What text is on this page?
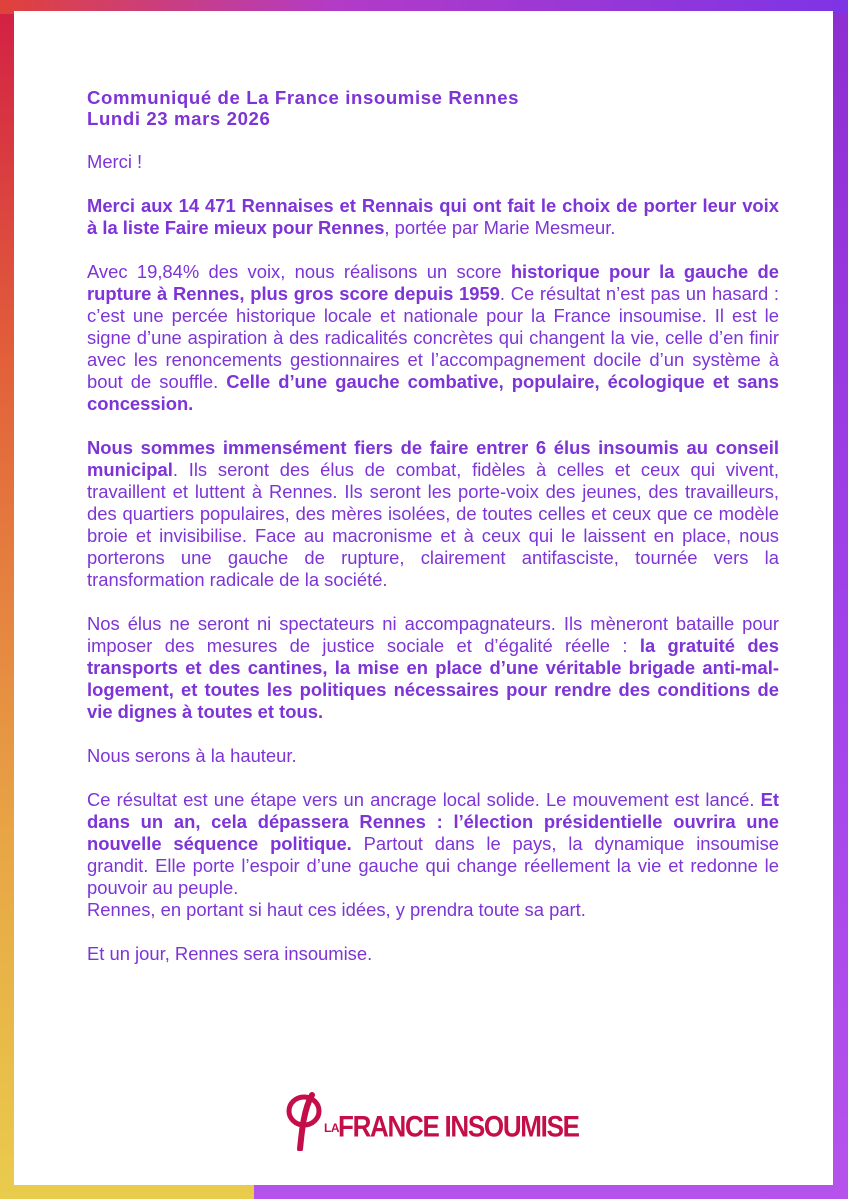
Communiqué de La France insoumise Rennes
Lundi 23 mars 2026

Merci !

Merci aux 14 471 Rennaises et Rennais qui ont fait le choix de porter leur voix à la liste Faire mieux pour Rennes, portée par Marie Mesmeur.

Avec 19,84% des voix, nous réalisons un score historique pour la gauche de rupture à Rennes, plus gros score depuis 1959. Ce résultat n’est pas un hasard : c’est une percée historique locale et nationale pour la France insoumise. Il est le signe d’une aspiration à des radicalités concrètes qui changent la vie, celle d’en finir avec les renoncements gestionnaires et l’accompagnement docile d’un système à bout de souffle. Celle d’une gauche combative, populaire, écologique et sans concession.

Nous sommes immensément fiers de faire entrer 6 élus insoumis au conseil municipal. Ils seront des élus de combat, fidèles à celles et ceux qui vivent, travaillent et luttent à Rennes. Ils seront les porte-voix des jeunes, des travailleurs, des quartiers populaires, des mères isolées, de toutes celles et ceux que ce modèle broie et invisibilise. Face au macronisme et à ceux qui le laissent en place, nous porterons une gauche de rupture, clairement antifasciste, tournée vers la transformation radicale de la société.

Nos élus ne seront ni spectateurs ni accompagnateurs. Ils mèneront bataille pour imposer des mesures de justice sociale et d’égalité réelle : la gratuité des transports et des cantines, la mise en place d’une véritable brigade anti-mal-logement, et toutes les politiques nécessaires pour rendre des conditions de vie dignes à toutes et tous.

Nous serons à la hauteur.

Ce résultat est une étape vers un ancrage local solide. Le mouvement est lancé. Et dans un an, cela dépassera Rennes : l’élection présidentielle ouvrira une nouvelle séquence politique. Partout dans le pays, la dynamique insoumise grandit. Elle porte l’espoir d’une gauche qui change réellement la vie et redonne le pouvoir au peuple.
Rennes, en portant si haut ces idées, y prendra toute sa part.

Et un jour, Rennes sera insoumise.

LA FRANCE INSOUMISE
